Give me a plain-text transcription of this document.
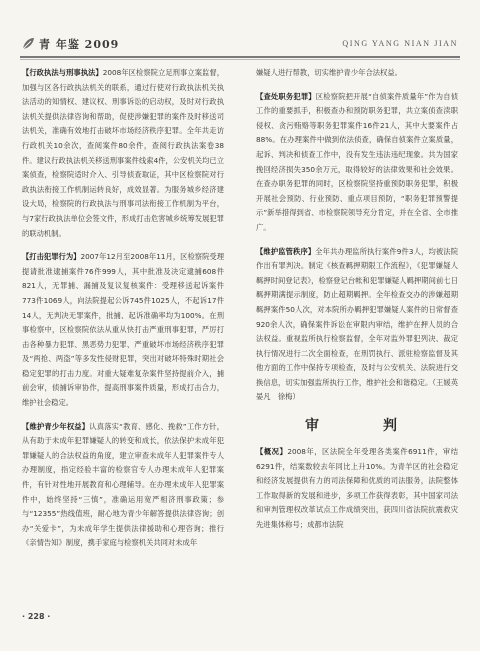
青 年鉴 2009	QING YANG NIAN JIAN

【行政执法与刑事执法】2008年区检察院立足刑事立案监督，加强与区各行政执法机关的联系，通过行使对行政执法机关执法活动的知情权、建议权、刑事诉讼的启动权，及时对行政执法机关提供法律咨询和帮助，促使涉嫌犯罪的案件及时移送司法机关，准确有效地打击破坏市场经济秩序犯罪。全年共走访行政机关10余次，查阅案件80余件，查阅行政执法案卷38件。建议行政执法机关移送刑事案件线索4件，公安机关均已立案侦查，检察院适时介入、引导侦查取证，其中区检察院对行政执法衔接工作机制运转良好，成效显著。为服务城乡经济建设大局，检察院的行政执法与刑事司法衔接工作机制为平台，与7家行政执法单位会签文件，形成打击危害城乡统筹发展犯罪的联动机制。

【打击犯罪行为】2007年12月至2008年11月，区检察院受理提请批准逮捕案件76件999人，其中批准及决定逮捕608件821人，无罪捕、漏捕及复议复核案件：受理移送起诉案件773件1069人，向法院提起公诉745件1025人，不起诉17件14人，无判决无罪案件，批捕、起诉准确率均为100%。在刑事检察中，区检察院依法从重从快打击严重刑事犯罪，严厉打击各种暴力犯罪、黑恶势力犯罪、严重破坏市场经济秩序犯罪及“两抢、两盗”等多发性侵财犯罪，突出对破坏特殊时期社会稳定犯罪的打击力度。对重大疑难复杂案件坚持提前介入，捕前会审，侦捕诉审协作，提高刑事案件质量，形成打击合力，维护社会稳定。

【维护青少年权益】认真落实“教育、感化、挽救”工作方针，从有助于未成年犯罪嫌疑人的转变和成长，依法保护未成年犯罪嫌疑人的合法权益的角度，建立审查未成年人犯罪案件专人办理制度，指定经验丰富的检察官专人办理未成年人犯罪案件，有针对性地开展教育和心理辅导。在办理未成年人犯罪案件中，始终坚持“三慎”，准确运用宽严相济刑事政策；参与“12355”热线值班，耐心地为青少年解答提供法律咨询；创办“关爱卡”，为未成年学生提供法律援助和心理咨询；推行《亲情告知》制度，携手家庭与检察机关共同对未成年

嫌疑人进行帮教，切实维护青少年合法权益。

【查处职务犯罪】区检察院把开展“自侦案件质量年”作为自侦工作的重要抓手，积极查办和预防职务犯罪，共立案侦查渎职侵权、贪污贿赂等职务犯罪案件16件21人，其中大要案件占88%。在办理案件中做到依法侦查，确保自侦案件立案质量，起诉、判决和侦查工作中，没有发生违法违纪现象。共为国家挽回经济损失350余万元，取得较好的法律效果和社会效果。在查办职务犯罪的同时，区检察院坚持重预防职务犯罪，积极开展社会预防、行业预防、重点项目预防，“职务犯罪预警提示”新举措得到省、市检察院领导充分肯定，并在全省、全市推广。

【维护监管秩序】全年共办理监所执行案件9件3人，均被法院作出有罪判决。制定《核查羁押期限工作流程》，《犯罪嫌疑人羁押时间登记表》，检察登记台帐和犯罪嫌疑人羁押期间前七日羁押期满提示制度，防止超期羁押。全年检查交办的涉嫌超期羁押案件50人次，对本院所办羁押犯罪嫌疑人案件的日常督查920余人次，确保案件诉讼在审限内审结，维护在押人员的合法权益。重视监所执行检察监督，全年对监外罪犯列决、裁定执行情况进行二次全面检查，在刑罚执行、派驻检察监督及其他方面的工作中保持专项检查，及时与公安机关、法院进行交换信息，切实加强监所执行工作，维护社会和谐稳定。（王媛英　晏凡　徐梅）

审　　判

【概况】2008年，区法院全年受理各类案件6911件，审结6291件，结案数较去年同比上升10%。为青羊区的社会稳定和经济发展提供有力的司法保障和优质的司法服务，法院整体工作取得新的发展和进步，多项工作获得表彰，其中国家司法和审判管理权改革试点工作成绩突出，获四川省法院抗震救灾先进集体称号；成都市法院

· 228 ·
